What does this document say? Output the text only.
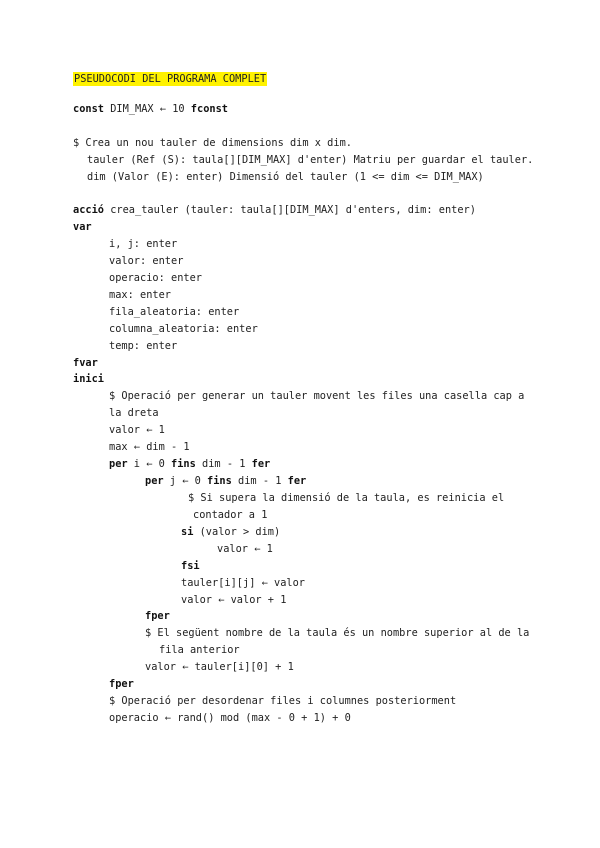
PSEUDOCODI DEL PROGRAMA COMPLET
const DIM_MAX ← 10 fconst
$ Crea un nou tauler de dimensions dim x dim.
tauler (Ref (S): taula[][DIM_MAX] d'enter) Matriu per guardar el tauler.
dim (Valor (E): enter) Dimensió del tauler (1 <= dim <= DIM_MAX)
acció crea_tauler (tauler: taula[][DIM_MAX] d'enters, dim: enter)
var
i, j: enter
valor: enter
operacio: enter
max: enter
fila_aleatoria: enter
columna_aleatoria: enter
temp: enter
fvar
inici
$ Operació per generar un tauler movent les files una casella cap a
la dreta
valor ← 1
max ← dim - 1
per i ← 0 fins dim - 1 fer
per j ← 0 fins dim - 1 fer
$ Si supera la dimensió de la taula, es reinicia el
contador a 1
si (valor > dim)
valor ← 1
fsi
tauler[i][j] ← valor
valor ← valor + 1
fper
$ El següent nombre de la taula és un nombre superior al de la
fila anterior
valor ← tauler[i][0] + 1
fper
$ Operació per desordenar files i columnes posteriorment
operacio ← rand() mod (max - 0 + 1) + 0
